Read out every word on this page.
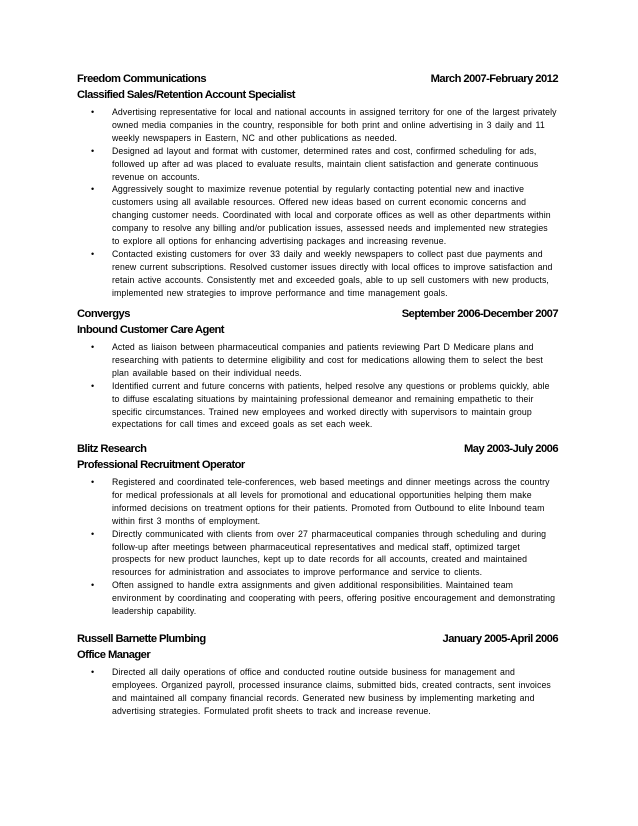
Freedom Communications	March 2007-February 2012
Classified Sales/Retention Account Specialist
• Advertising representative for local and national accounts in assigned territory for one of the largest privately owned media companies in the country, responsible for both print and online advertising in 3 daily and 11 weekly newspapers in Eastern, NC and other publications as needed.
• Designed ad layout and format with customer, determined rates and cost, confirmed scheduling for ads, followed up after ad was placed to evaluate results, maintain client satisfaction and generate continuous revenue on accounts.
• Aggressively sought to maximize revenue potential by regularly contacting potential new and inactive customers using all available resources. Offered new ideas based on current economic concerns and changing customer needs. Coordinated with local and corporate offices as well as other departments within company to resolve any billing and/or publication issues, assessed needs and implemented new strategies to explore all options for enhancing advertising packages and increasing revenue.
• Contacted existing customers for over 33 daily and weekly newspapers to collect past due payments and renew current subscriptions. Resolved customer issues directly with local offices to improve satisfaction and retain active accounts. Consistently met and exceeded goals, able to up sell customers with new products, implemented new strategies to improve performance and time management goals.
Convergys	September 2006-December 2007
Inbound Customer Care Agent
• Acted as liaison between pharmaceutical companies and patients reviewing Part D Medicare plans and researching with patients to determine eligibility and cost for medications allowing them to select the best plan available based on their individual needs.
• Identified current and future concerns with patients, helped resolve any questions or problems quickly, able to diffuse escalating situations by maintaining professional demeanor and remaining empathetic to their specific circumstances. Trained new employees and worked directly with supervisors to maintain group expectations for call times and exceed goals as set each week.
Blitz Research	May 2003-July 2006
Professional Recruitment Operator
• Registered and coordinated tele-conferences, web based meetings and dinner meetings across the country for medical professionals at all levels for promotional and educational opportunities helping them make informed decisions on treatment options for their patients. Promoted from Outbound to elite Inbound team within first 3 months of employment.
• Directly communicated with clients from over 27 pharmaceutical companies through scheduling and during follow-up after meetings between pharmaceutical representatives and medical staff, optimized target prospects for new product launches, kept up to date records for all accounts, created and maintained resources for administration and associates to improve performance and service to clients.
• Often assigned to handle extra assignments and given additional responsibilities. Maintained team environment by coordinating and cooperating with peers, offering positive encouragement and demonstrating leadership capability.
Russell Barnette Plumbing	January 2005-April 2006
Office Manager
• Directed all daily operations of office and conducted routine outside business for management and employees. Organized payroll, processed insurance claims, submitted bids, created contracts, sent invoices and maintained all company financial records. Generated new business by implementing marketing and advertising strategies. Formulated profit sheets to track and increase revenue.
